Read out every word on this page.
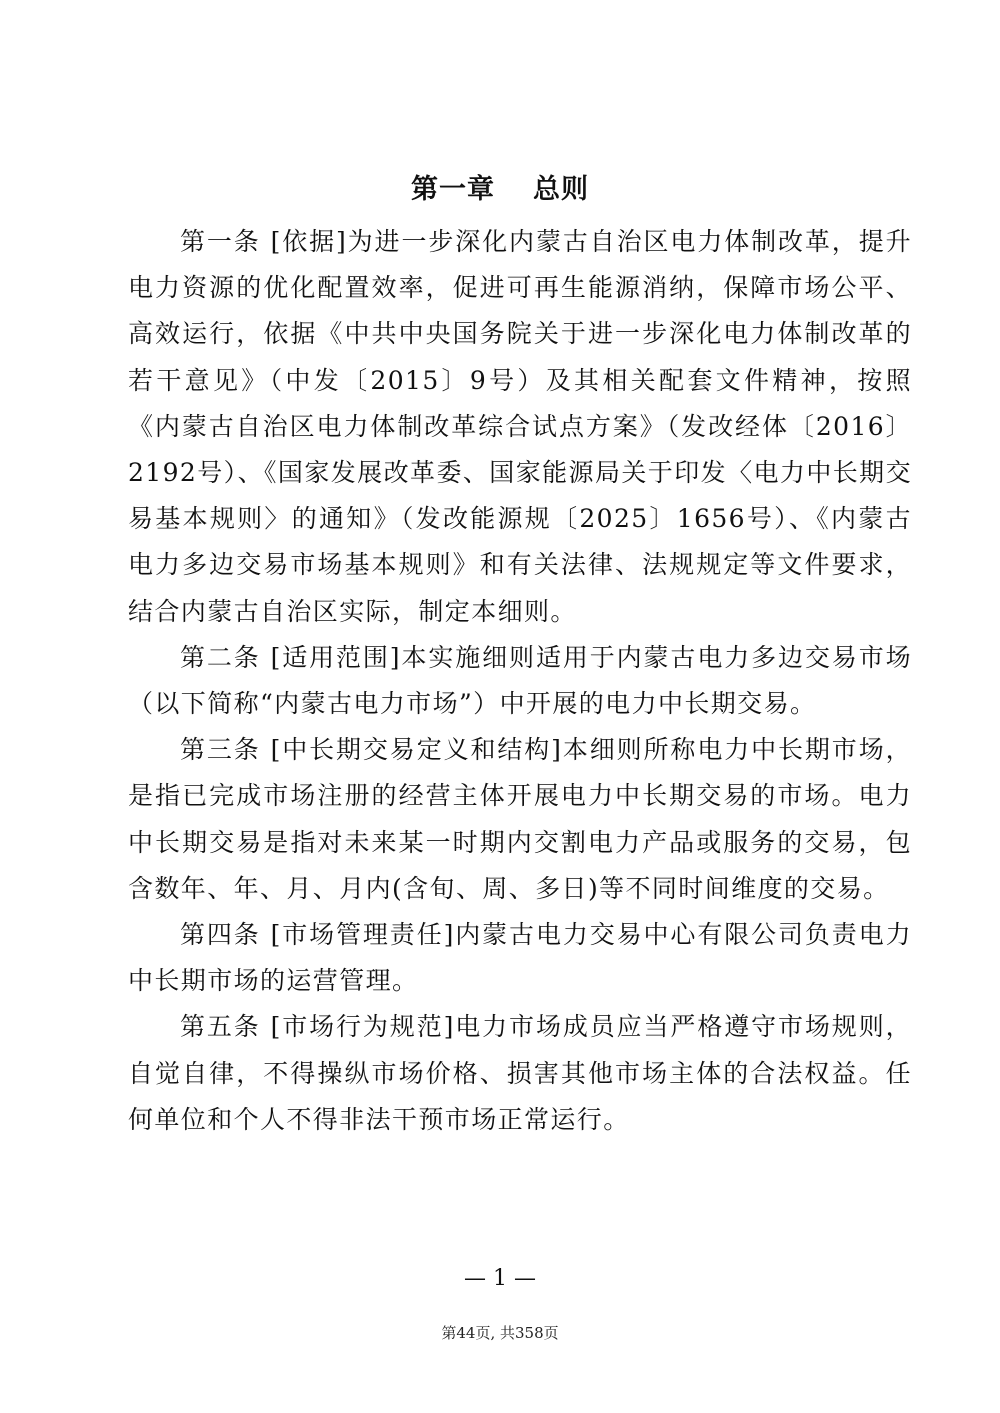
第一章 总则

第一条 [依据]为进一步深化内蒙古自治区电力体制改革，提升电力资源的优化配置效率，促进可再生能源消纳，保障市场公平、高效运行，依据《中共中央国务院关于进一步深化电力体制改革的若干意见》（中发〔2015〕9号）及其相关配套文件精神，按照《内蒙古自治区电力体制改革综合试点方案》（发改经体〔2016〕2192号）、《国家发展改革委、国家能源局关于印发〈电力中长期交易基本规则〉的通知》（发改能源规〔2025〕1656号）、《内蒙古电力多边交易市场基本规则》和有关法律、法规规定等文件要求，结合内蒙古自治区实际，制定本细则。

第二条 [适用范围]本实施细则适用于内蒙古电力多边交易市场（以下简称“内蒙古电力市场”）中开展的电力中长期交易。

第三条 [中长期交易定义和结构]本细则所称电力中长期市场，是指已完成市场注册的经营主体开展电力中长期交易的市场。电力中长期交易是指对未来某一时期内交割电力产品或服务的交易，包含数年、年、月、月内(含旬、周、多日)等不同时间维度的交易。

第四条 [市场管理责任]内蒙古电力交易中心有限公司负责电力中长期市场的运营管理。

第五条 [市场行为规范]电力市场成员应当严格遵守市场规则，自觉自律，不得操纵市场价格、损害其他市场主体的合法权益。任何单位和个人不得非法干预市场正常运行。

— 1 —
第44页, 共358页
